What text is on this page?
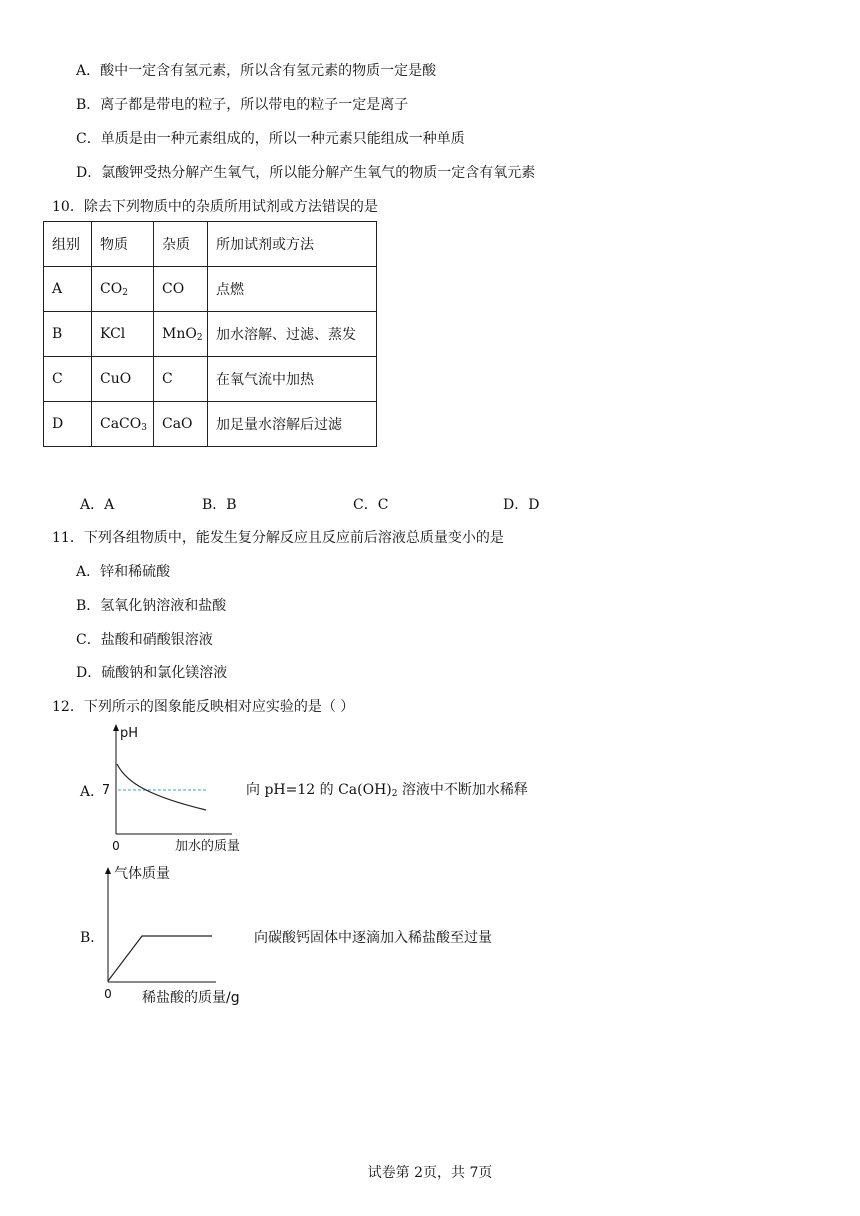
A．酸中一定含有氢元素，所以含有氢元素的物质一定是酸
B．离子都是带电的粒子，所以带电的粒子一定是离子
C．单质是由一种元素组成的，所以一种元素只能组成一种单质
D．氯酸钾受热分解产生氧气，所以能分解产生氧气的物质一定含有氧元素
10．除去下列物质中的杂质所用试剂或方法错误的是
组别	物质	杂质	所加试剂或方法
A	$CO_2$	CO	点燃
B	KCl	MnO$_2$	加水溶解、过滤、蒸发
C	CuO	C	在氧气流中加热
D	CaCO$_3$	CaO	加足量水溶解后过滤
A．A	B．B	C．C	D．D
11．下列各组物质中，能发生复分解反应且反应前后溶液总质量变小的是
A．锌和稀硫酸
B．氢氧化钠溶液和盐酸
C．盐酸和硝酸银溶液
D．硫酸钠和氯化镁溶液
12．下列所示的图象能反映相对应实验的是（ ）
A．
pH
7
0	加水的质量
向 pH=12 的 $Ca(OH)_2$ 溶液中不断加水稀释
B．
气体质量
0 稀盐酸的质量/g
向碳酸钙固体中逐滴加入稀盐酸至过量
试卷第 2页，共 7页
